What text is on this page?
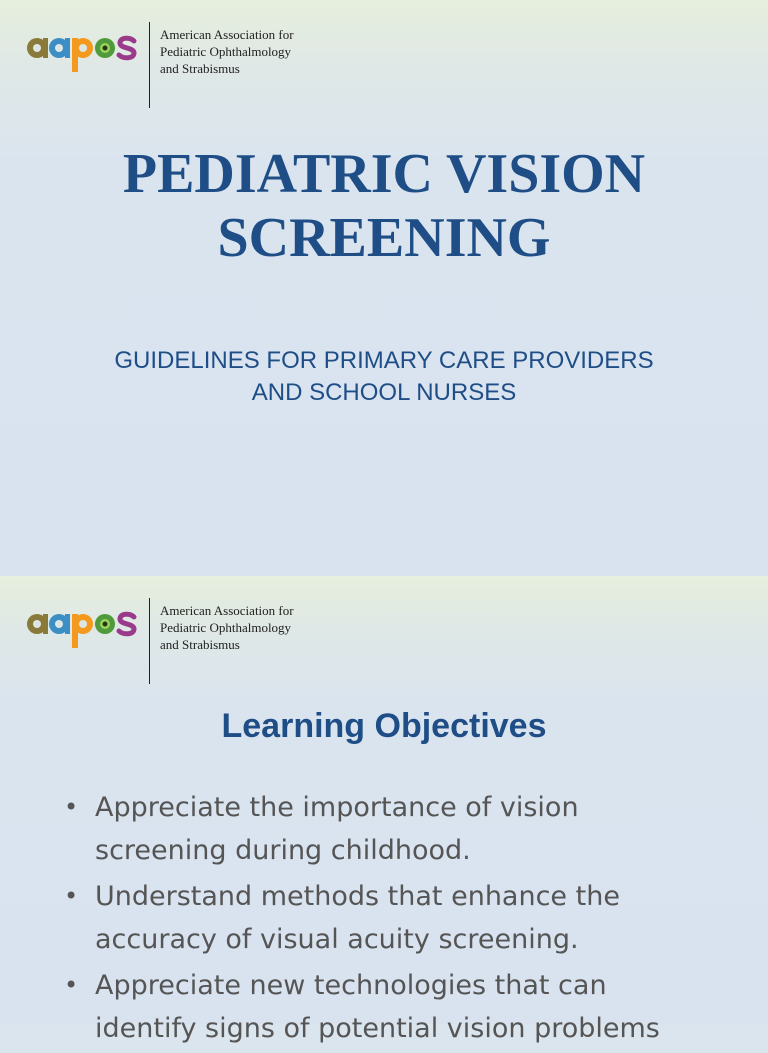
American Association for
Pediatric Ophthalmology
and Strabismus
PEDIATRIC VISION
SCREENING
GUIDELINES FOR PRIMARY CARE PROVIDERS
AND SCHOOL NURSES
American Association for
Pediatric Ophthalmology
and Strabismus
Learning Objectives
• Appreciate the importance of vision
screening during childhood.
• Understand methods that enhance the
accuracy of visual acuity screening.
• Appreciate new technologies that can
identify signs of potential vision problems
